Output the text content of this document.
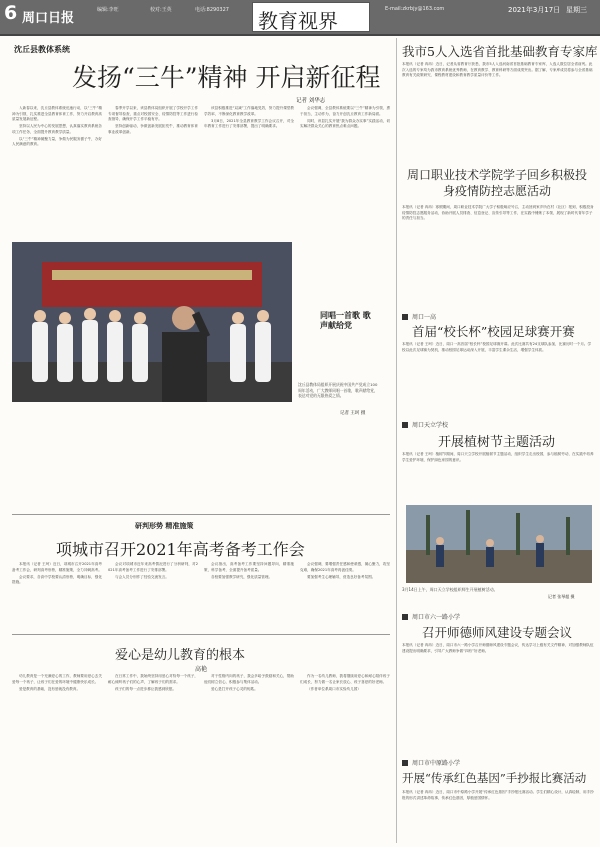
6 周口日报
编辑:李旺	校对:王英	电话:8290327 教育视界	E-mail:zkrbjy@163.com	2021年3月17日 星期三
沈丘县教体系统
发扬“三牛”精神 开启新征程
记者 刘华志

入新春以来，沈丘县教体系统迅速行动，以“三牛”精神为引领，扎实推进全县教育体育工作，努力开启教育高质量发展新征程。

坚持以人民为中心的发展思想，认真落实教育系统各项工作任务，全面提升教育教学质量。

以“三牛”精神凝聚力量，争做为民服务孺子牛，办好人民满意的教育。

春季开学以来，该县教体局组织开展了学校开学工作专项督导检查，重点对校园安全、疫情防控等工作进行检查指导，确保开学工作平稳有序。

坚持创新驱动，争做创新发展拓荒牛，推动教育体育事业改革创新。

该县积极推进“双减”工作落地见效，努力提升课堂教学效率，不断深化教育教学改革。

3月8日，2021年全县教育教学工作会议召开，对全年教育工作进行了安排部署，提出了明确要求。

会议强调，全县教体系统要以“三牛”精神为引领，勇于担当，主动作为，奋力开创沈丘教育工作新局面。

同时，该县扎实开展“我为群众办实事”实践活动，切实解决群众关心的教育热点难点问题。

同唱一首歌 歌声献给党
沈丘县教体局组织开展庆祝中国共产党成立100周年活动，广大教师同唱一首歌，歌声献给党，表达对党的无限热爱之情。
记者 王珂 摄
研判形势 精准施策
项城市召开2021年高考备考工作会

本报讯（记者 王珂）近日，项城市召开2021年高考备考工作会，研判高考形势，精准施策，全力冲刺高考。

会议要求，各高中学校要认清形势，明确目标，强化措施。

会议对项城市近年来高考情况进行了分析研判，对2021年高考备考工作进行了安排部署。

与会人员分别作了经验交流发言。

会议指出，高考备考工作要坚持问题导向，精准施策，科学备考，全面提升备考质量。

各校要加强教学研究，强化质量管理。

会议强调，要增强责任感和使命感，凝心聚力，攻坚克难，确保2021年高考再创佳绩。

要加强考生心理辅导，营造良好备考氛围。

爱心是幼儿教育的根本
高艳

幼儿教育是一个充满爱心的工作，教师要用爱心去关爱每一个孩子，让孩子们在爱的环境中健康快乐成长。

爱是教育的基础，没有爱就没有教育。

在日常工作中，我始终坚持用爱心对待每一个孩子，耐心倾听孩子们的心声，了解孩子们的需求。

孩子们的每一点进步都让我感到欣慰。

对于性格内向的孩子，我会多给予鼓励和关心，帮助他们树立信心，积极参与集体活动。

爱心是打开孩子心灵的钥匙。

作为一名幼儿教师，我将继续用爱心和耐心陪伴孩子们成长，努力做一名让家长放心、孩子喜爱的好老师。

（作者单位系周口市实验幼儿园）

我市5人入选省首批基础教育专家库
本报讯（记者 冉冉）近日，记者从省教育厅获悉，我市5人入选河南省首批基础教育专家库，入选人数位居全省前列。此次入选的专家均为我市教育系统优秀教师，在教育教学、教育科研等方面成绩突出。据了解，专家库成员将参与全省基础教育有关政策研究、课程教材建设和教育教学质量评价等工作。
周口职业技术学院学子回乡积极投身疫情防控志愿活动
本报讯（记者 冉冉）寒假期间，周口职业技术学院广大学子积极响应号召，主动回到家乡所在村（社区）报到，积极投身疫情防控志愿服务活动，协助开展人员排查、信息登记、宣传引导等工作，在实践中锤炼了本领，展现了新时代青年学子的责任与担当。
周口一高
首届“校长杯”校园足球赛开赛
本报讯（记者 王珂）近日，周口一高首届“校长杯”校园足球赛开幕。此次比赛共有24支球队参加，比赛历时一个月。学校以此次足球赛为契机，推动校园足球运动深入开展，丰富学生课余生活，增强学生体质。
周口天立学校
开展植树节主题活动
本报讯（记者 王珂）植树节期间，周口天立学校开展植树节主题活动，组织学生走出校园，参与植树劳动，在实践中培养学生爱护环境、保护绿色家园的意识。
3月14日上午，周口天立学校组织师生开展植树活动。
记者 张琴超 摄
周口市六一路小学
召开师德师风建设专题会议
本报讯（记者 冉冉）近日，周口市六一路小学召开师德师风建设专题会议，传达学习上级有关文件精神，对加强教师队伍建设提出明确要求，引导广大教师争做“四有”好老师。
周口市中原路小学
开展“传承红色基因”手抄报比赛活动
本报讯（记者 冉冉）近日，周口市中原路小学开展“传承红色基因”手抄报比赛活动。学生们精心设计，认真绘制，用手抄报的形式讲述革命故事，传承红色基因，厚植爱国情怀。
